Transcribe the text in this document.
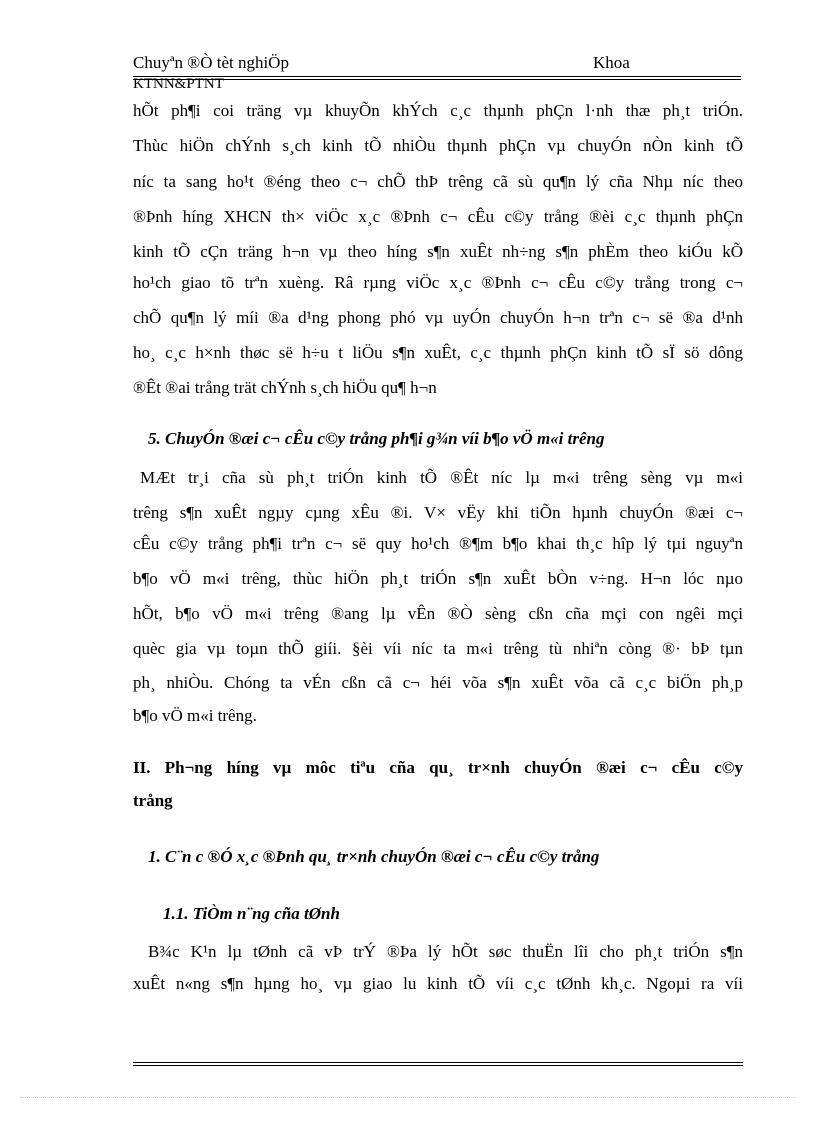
Chuyªn ®Ò tèt nghiÖp	Khoa
KTNN&PTNT
hÕt ph¶i coi träng vµ khuyÕn khÝch c¸c thµnh phÇn l·nh thæ ph¸t triÓn.
Thùc hiÖn chÝnh s¸ch kinh tÕ nhiÒu thµnh phÇn vµ chuyÓn nÒn kinh tÕ
níc ta sang ho¹t ®éng theo c¬ chÕ thÞ trêng cã sù qu¶n lý cña Nhµ níc theo
®Þnh híng XHCN th× viÖc x¸c ®Þnh c¬ cÊu c©y trång ®èi c¸c thµnh phÇn
kinh tÕ cÇn träng h¬n vµ theo híng s¶n xuÊt nh÷ng s¶n phÈm theo kiÓu kÕ
ho¹ch giao tõ trªn xuèng. Râ rµng viÖc x¸c ®Þnh c¬ cÊu c©y trång trong c¬
chÕ qu¶n lý míi ®a d¹ng phong phó vµ uyÓn chuyÓn h¬n trªn c¬ së ®a d¹nh
ho¸ c¸c h×nh thøc së h÷u t liÖu s¶n xuÊt, c¸c thµnh phÇn kinh tÕ sÏ sö dông
®Êt ®ai trång trät chÝnh s¸ch hiÖu qu¶ h¬n
5. ChuyÓn ®æi c¬ cÊu c©y trång ph¶i g¾n víi b¶o vÖ m«i trêng
MÆt tr¸i cña sù ph¸t triÓn kinh tÕ ®Êt níc lµ m«i trêng sèng vµ m«i
trêng s¶n xuÊt ngµy cµng xÊu ®i. V× vËy khi tiÕn hµnh chuyÓn ®æi c¬
cÊu c©y trång ph¶i trªn c¬ së quy ho¹ch ®¶m b¶o khai th¸c hîp lý tµi nguyªn
b¶o vÖ m«i trêng, thùc hiÖn ph¸t triÓn s¶n xuÊt bÒn v÷ng. H¬n lóc nµo
hÕt, b¶o vÖ m«i trêng ®ang lµ vÊn ®Ò sèng cßn cña mçi con ngêi mçi
quèc gia vµ toµn thÕ giíi. §èi víi níc ta m«i trêng tù nhiªn còng ®· bÞ tµn
ph¸ nhiÒu. Chóng ta vÉn cßn cã c¬ héi võa s¶n xuÊt võa cã c¸c biÖn ph¸p
b¶o vÖ m«i trêng.
II. Ph¬ng híng vµ môc tiªu cña qu¸ tr×nh chuyÓn ®æi c¬ cÊu c©y
trång
1. C¨n c ®Ó x¸c ®Þnh qu¸ tr×nh chuyÓn ®æi c¬ cÊu c©y trång
1.1. TiÒm n¨ng cña tØnh
B¾c K¹n lµ tØnh cã vÞ trÝ ®Þa lý hÕt søc thuËn lîi cho ph¸t triÓn s¶n
xuÊt n«ng s¶n hµng ho¸ vµ giao lu kinh tÕ víi c¸c tØnh kh¸c. Ngoµi ra víi
